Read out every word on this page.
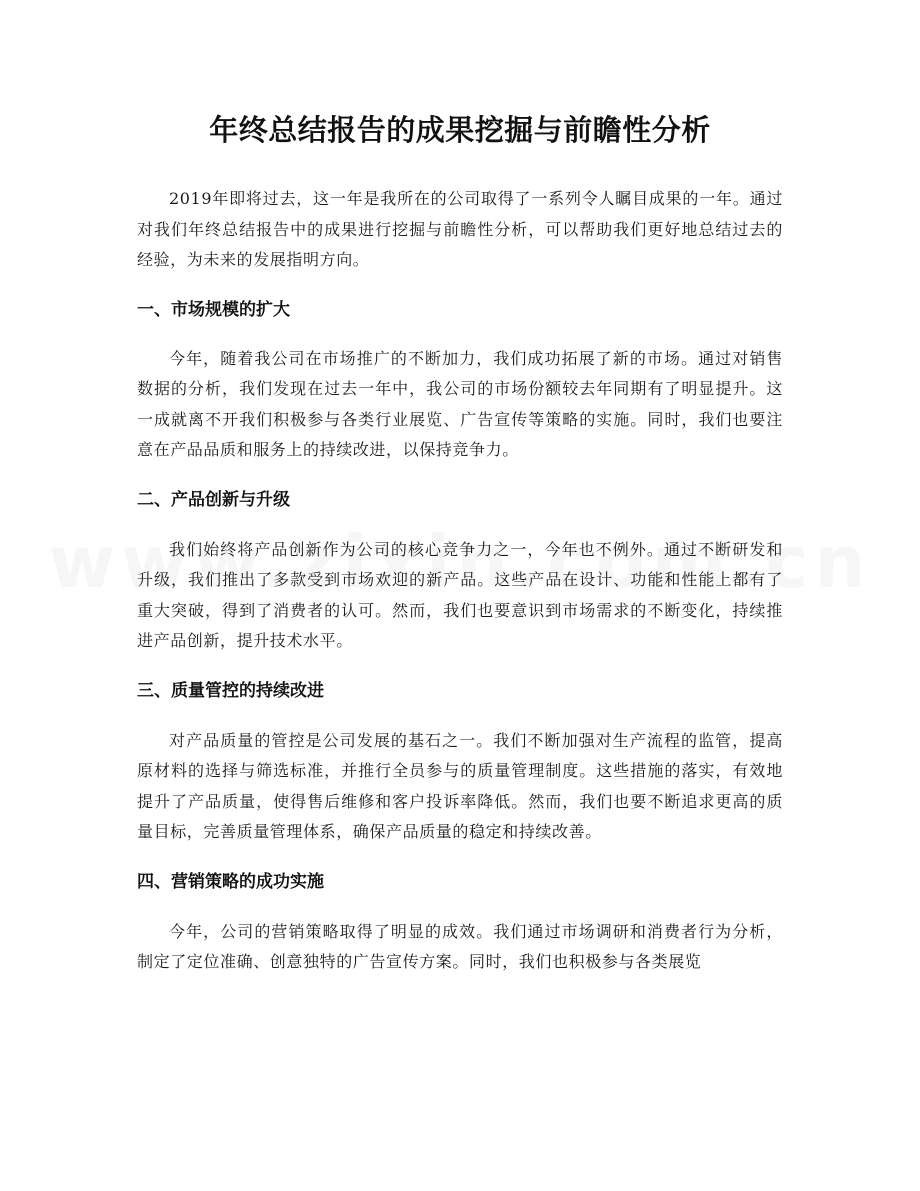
年终总结报告的成果挖掘与前瞻性分析

2019年即将过去，这一年是我所在的公司取得了一系列令人瞩目成果的一年。通过对我们年终总结报告中的成果进行挖掘与前瞻性分析，可以帮助我们更好地总结过去的经验，为未来的发展指明方向。

一、市场规模的扩大

今年，随着我公司在市场推广的不断加力，我们成功拓展了新的市场。通过对销售数据的分析，我们发现在过去一年中，我公司的市场份额较去年同期有了明显提升。这一成就离不开我们积极参与各类行业展览、广告宣传等策略的实施。同时，我们也要注意在产品品质和服务上的持续改进，以保持竞争力。

二、产品创新与升级

我们始终将产品创新作为公司的核心竞争力之一，今年也不例外。通过不断研发和升级，我们推出了多款受到市场欢迎的新产品。这些产品在设计、功能和性能上都有了重大突破，得到了消费者的认可。然而，我们也要意识到市场需求的不断变化，持续推进产品创新，提升技术水平。

三、质量管控的持续改进

对产品质量的管控是公司发展的基石之一。我们不断加强对生产流程的监管，提高原材料的选择与筛选标准，并推行全员参与的质量管理制度。这些措施的落实，有效地提升了产品质量，使得售后维修和客户投诉率降低。然而，我们也要不断追求更高的质量目标，完善质量管理体系，确保产品质量的稳定和持续改善。

四、营销策略的成功实施

今年，公司的营销策略取得了明显的成效。我们通过市场调研和消费者行为分析，制定了定位准确、创意独特的广告宣传方案。同时，我们也积极参与各类展览
